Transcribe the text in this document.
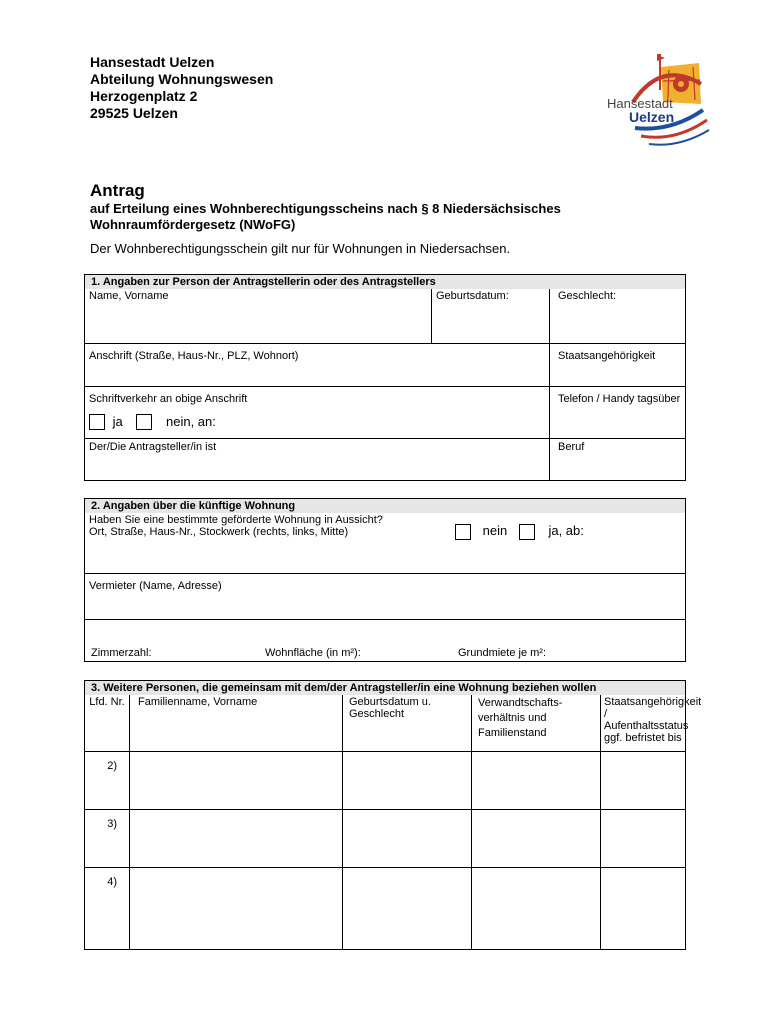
Hansestadt Uelzen
Abteilung Wohnungswesen
Herzogenplatz 2
29525 Uelzen
Hansestadt
Uelzen
Antrag
auf Erteilung eines Wohnberechtigungsscheins nach § 8 Niedersächsisches Wohnraumfördergesetz (NWoFG)
Der Wohnberechtigungsschein gilt nur für Wohnungen in Niedersachsen.
1. Angaben zur Person der Antragstellerin oder des Antragstellers		
Name, Vorname	Geburtsdatum:	Geschlecht:
Anschrift (Straße, Haus-Nr., PLZ, Wohnort)		Staatsangehörigkeit

Schriftverkehr an obige Anschrift
ja nein, an:		Telefon / Handy tagsüber
Der/Die Antragsteller/in ist		Beruf
2. Angaben über die künftige Wohnung

Haben Sie eine bestimmte geförderte Wohnung in Aussicht?
Ort, Straße, Haus-Nr., Stockwerk (rechts, links, Mitte)	nein	ja, ab:

Vermieter (Name, Adresse)

Zimmerzahl:	Wohnfläche (in m²):	Grundmiete je m²:

3. Weitere Personen, die gemeinsam mit dem/der Antragsteller/in eine Wohnung beziehen wollen				
Lfd. Nr.	Familienname, Vorname	Geburtsdatum u. Geschlecht	Verwandtschafts-verhältnis und Familienstand	Staatsangehörigkeit / Aufenthaltsstatus ggf. befristet bis
2)				
3)				
4)				
